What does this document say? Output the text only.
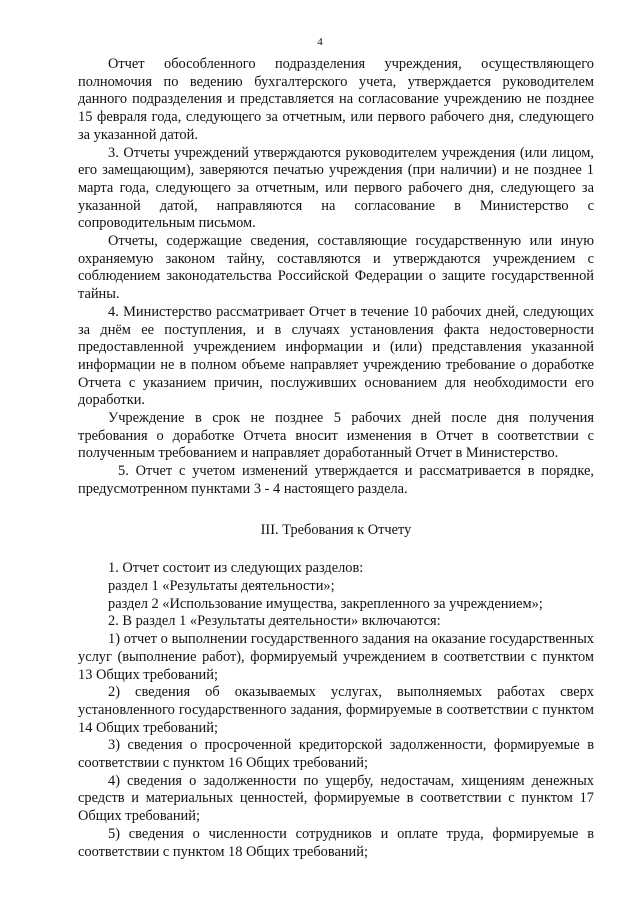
4

Отчет обособленного подразделения учреждения, осуществляющего полномочия по ведению бухгалтерского учета, утверждается руководителем данного подразделения и представляется на согласование учреждению не позднее 15 февраля года, следующего за отчетным, или первого рабочего дня, следующего за указанной датой.

3. Отчеты учреждений утверждаются руководителем учреждения (или лицом, его замещающим), заверяются печатью учреждения (при наличии) и не позднее 1 марта года, следующего за отчетным, или первого рабочего дня, следующего за указанной датой, направляются на согласование в Министерство с сопроводительным письмом.

Отчеты, содержащие сведения, составляющие государственную или иную охраняемую законом тайну, составляются и утверждаются учреждением с соблюдением законодательства Российской Федерации о защите государственной тайны.

4. Министерство рассматривает Отчет в течение 10 рабочих дней, следующих за днём ее поступления, и в случаях установления факта недостоверности предоставленной учреждением информации и (или) представления указанной информации не в полном объеме направляет учреждению требование о доработке Отчета с указанием причин, послуживших основанием для необходимости его доработки.

Учреждение в срок не позднее 5 рабочих дней после дня получения требования о доработке Отчета вносит изменения в Отчет в соответствии с полученным требованием и направляет доработанный Отчет в Министерство.

5. Отчет с учетом изменений утверждается и рассматривается в порядке, предусмотренном пунктами 3 - 4 настоящего раздела.

III. Требования к Отчету

1. Отчет состоит из следующих разделов:

раздел 1 «Результаты деятельности»;

раздел 2 «Использование имущества, закрепленного за учреждением»;

2. В раздел 1 «Результаты деятельности» включаются:

1) отчет о выполнении государственного задания на оказание государственных услуг (выполнение работ), формируемый учреждением в соответствии с пунктом 13 Общих требований;

2) сведения об оказываемых услугах, выполняемых работах сверх установленного государственного задания, формируемые в соответствии с пунктом 14 Общих требований;

3) сведения о просроченной кредиторской задолженности, формируемые в соответствии с пунктом 16 Общих требований;

4) сведения о задолженности по ущербу, недостачам, хищениям денежных средств и материальных ценностей, формируемые в соответствии с пунктом 17 Общих требований;

5) сведения о численности сотрудников и оплате труда, формируемые в соответствии с пунктом 18 Общих требований;
